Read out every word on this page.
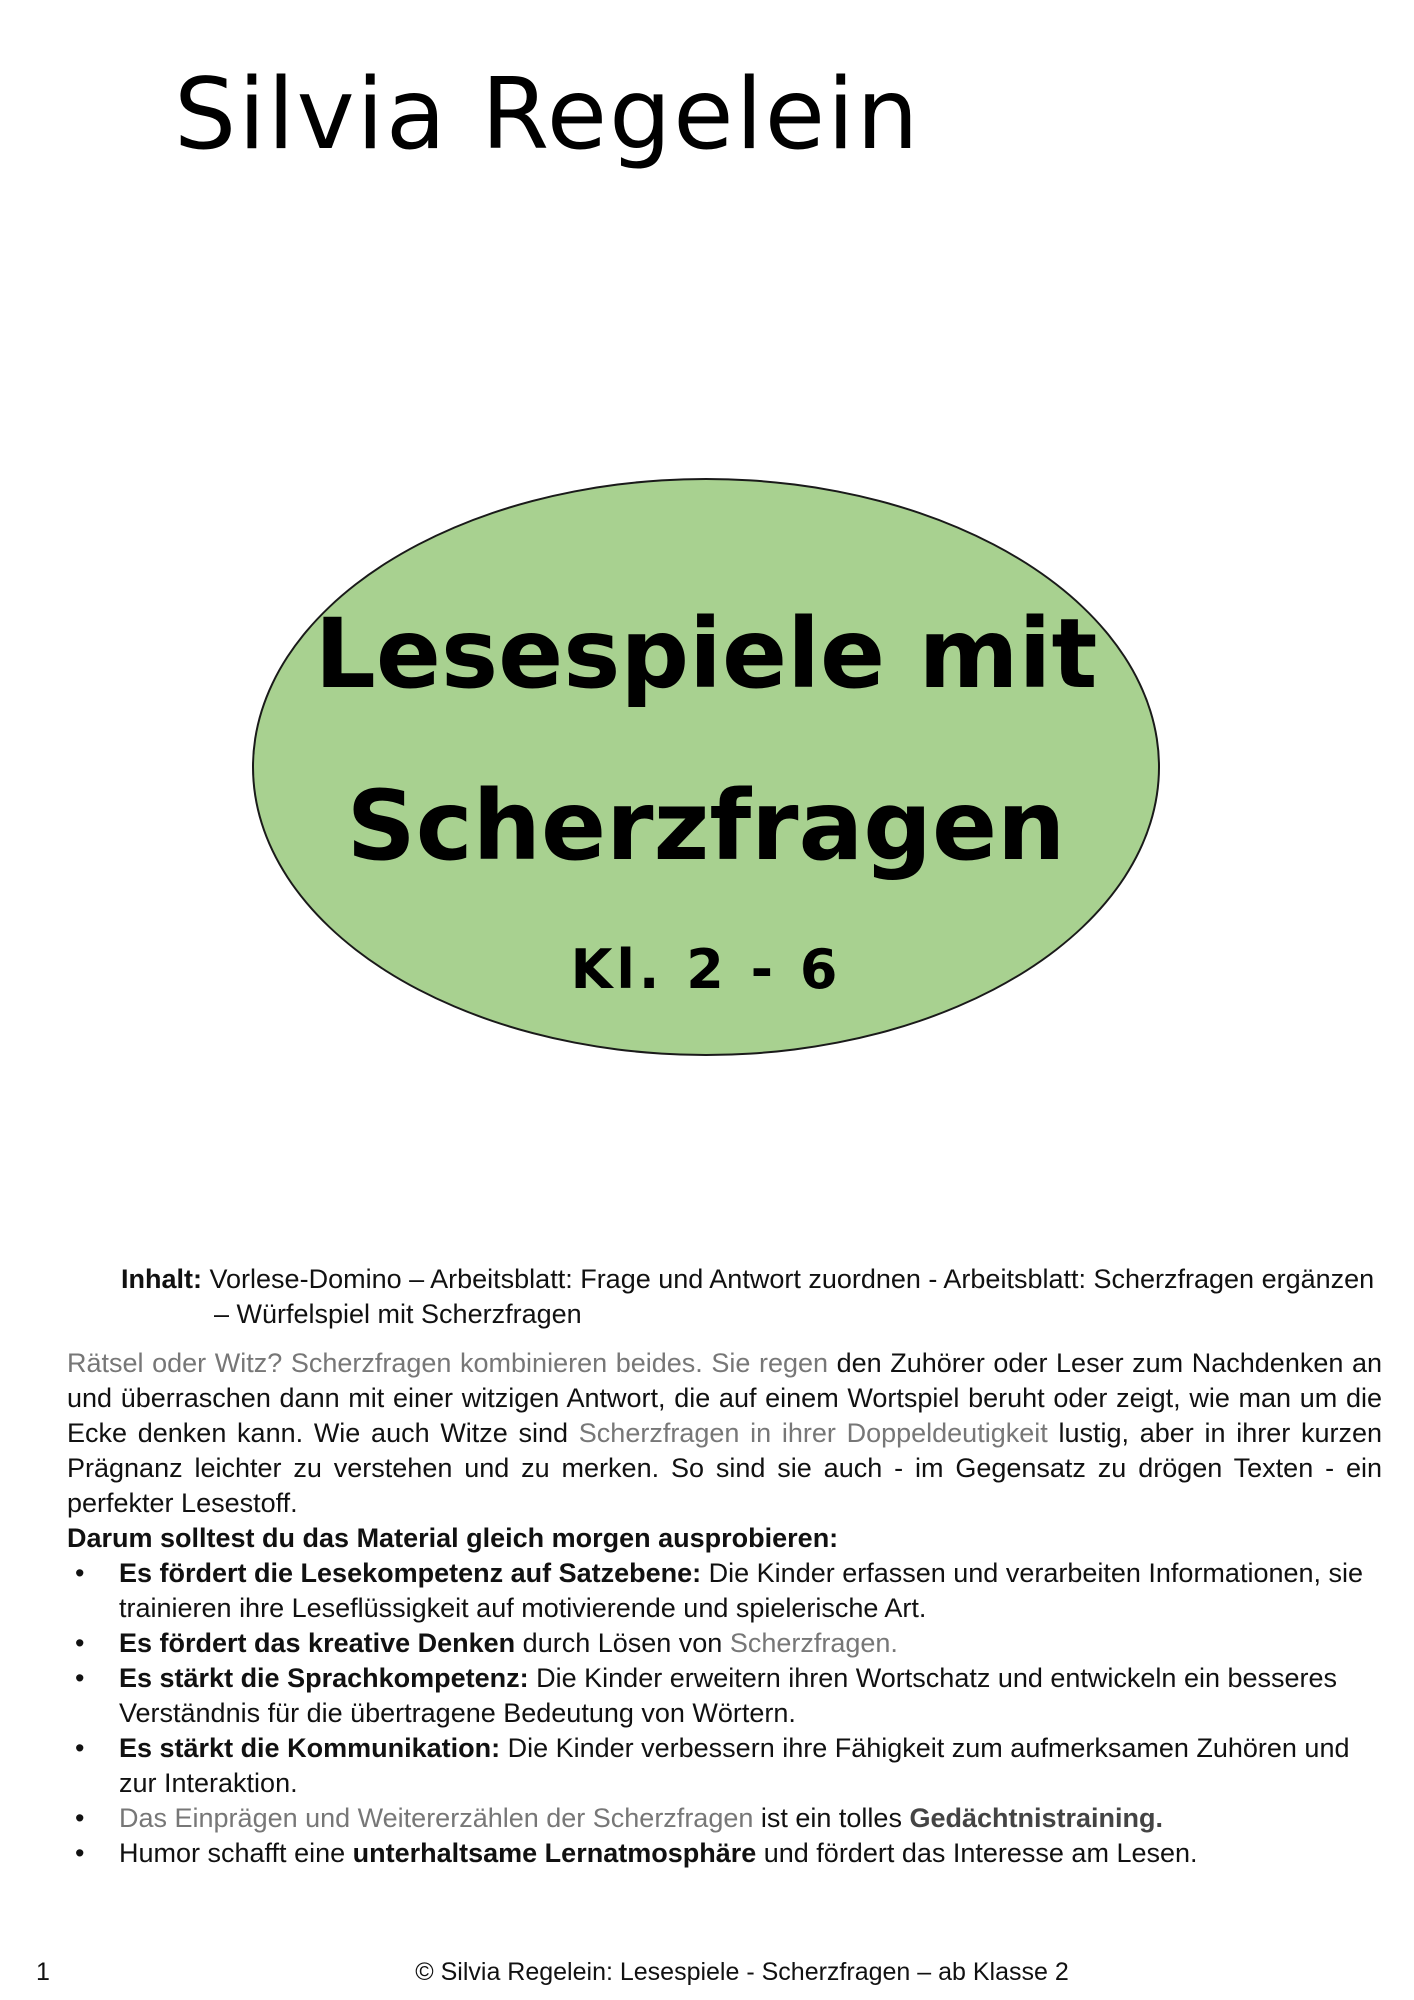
Silvia Regelein
Lesespiele mit
Scherzfragen
Kl. 2 - 6
Inhalt: Vorlese-Domino – Arbeitsblatt: Frage und Antwort zuordnen - Arbeitsblatt: Scherzfragen ergänzen – Würfelspiel mit Scherzfragen

Rätsel oder Witz? Scherzfragen kombinieren beides. Sie regen den Zuhörer oder Leser zum Nachdenken an und überraschen dann mit einer witzigen Antwort, die auf einem Wortspiel beruht oder zeigt, wie man um die Ecke denken kann. Wie auch Witze sind Scherzfragen in ihrer Doppeldeutigkeit lustig, aber in ihrer kurzen Prägnanz leichter zu verstehen und zu merken. So sind sie auch - im Gegensatz zu drögen Texten - ein perfekter Lesestoff.

Darum solltest du das Material gleich morgen ausprobieren:

• Es fördert die Lesekompetenz auf Satzebene: Die Kinder erfassen und verarbeiten Informationen, sie trainieren ihre Leseflüssigkeit auf motivierende und spielerische Art.
• Es fördert das kreative Denken durch Lösen von Scherzfragen.
• Es stärkt die Sprachkompetenz: Die Kinder erweitern ihren Wortschatz und entwickeln ein besseres Verständnis für die übertragene Bedeutung von Wörtern.
• Es stärkt die Kommunikation: Die Kinder verbessern ihre Fähigkeit zum aufmerksamen Zuhören und zur Interaktion.
• Das Einprägen und Weitererzählen der Scherzfragen ist ein tolles Gedächtnistraining.
• Humor schafft eine unterhaltsame Lernatmosphäre und fördert das Interesse am Lesen.
1	© Silvia Regelein: Lesespiele - Scherzfragen – ab Klasse 2
